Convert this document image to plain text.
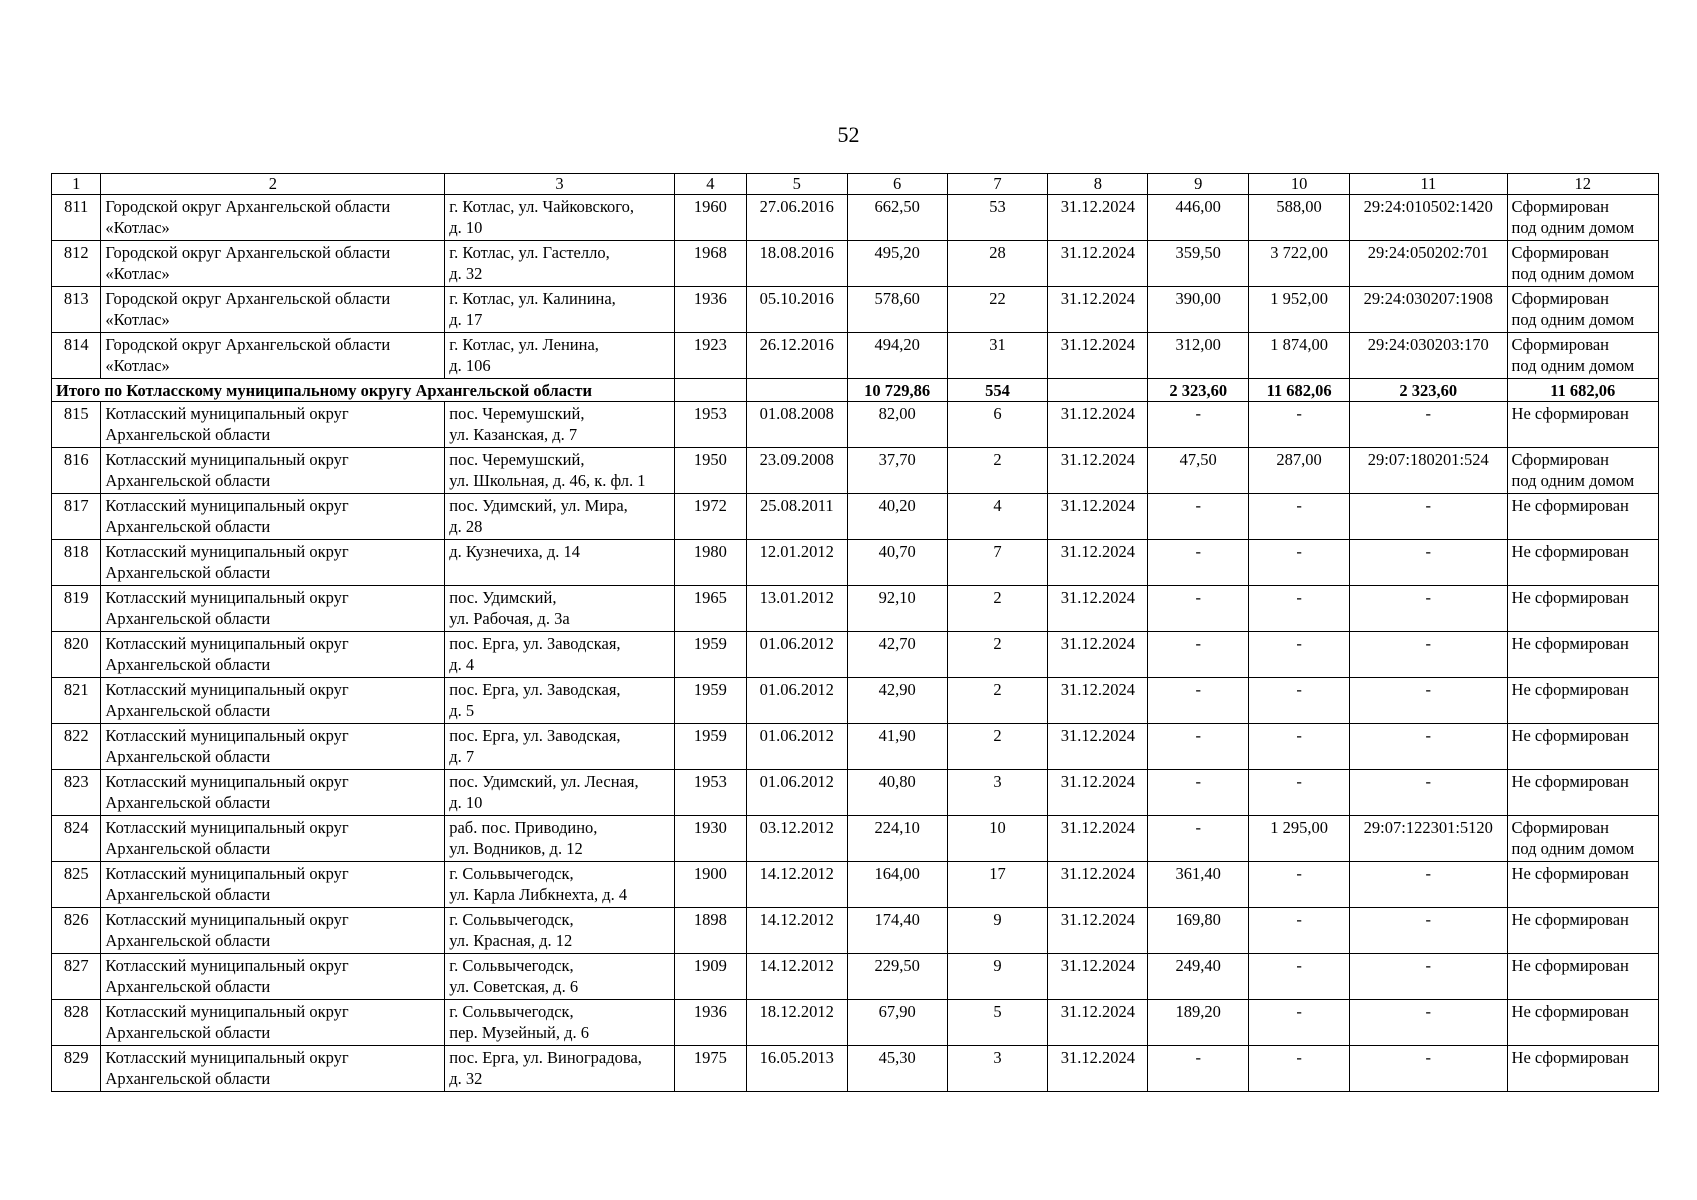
52
1	2	3	4	5	6	7	8	9	10	11	12
811	Городской округ Архангельской области
«Котлас»	г. Котлас, ул. Чайковского,
д. 10	1960	27.06.2016	662,50	53	31.12.2024	446,00	588,00	29:24:010502:1420	Сформирован
под одним домом

812	Городской округ Архангельской области
«Котлас»	г. Котлас, ул. Гастелло,
д. 32	1968	18.08.2016	495,20	28	31.12.2024	359,50	3 722,00	29:24:050202:701	Сформирован
под одним домом

813	Городской округ Архангельской области
«Котлас»	г. Котлас, ул. Калинина,
д. 17	1936	05.10.2016	578,60	22	31.12.2024	390,00	1 952,00	29:24:030207:1908	Сформирован
под одним домом

814	Городской округ Архангельской области
«Котлас»	г. Котлас, ул. Ленина,
д. 106	1923	26.12.2016	494,20	31	31.12.2024	312,00	1 874,00	29:24:030203:170	Сформирован
под одним домом

Итого по Котласскому муниципальному округу Архангельской области					10 729,86	554		2 323,60	11 682,06	2 323,60	11 682,06
815	Котласский муниципальный округ
Архангельской области	пос. Черемушский,
ул. Казанская, д. 7	1953	01.08.2008	82,00	6	31.12.2024	-	-	-	Не сформирован

816	Котласский муниципальный округ
Архангельской области	пос. Черемушский,
ул. Школьная, д. 46, к. фл. 1	1950	23.09.2008	37,70	2	31.12.2024	47,50	287,00	29:07:180201:524	Сформирован
под одним домом

817	Котласский муниципальный округ
Архангельской области	пос. Удимский, ул. Мира,
д. 28	1972	25.08.2011	40,20	4	31.12.2024	-	-	-	Не сформирован

818	Котласский муниципальный округ
Архангельской области	д. Кузнечиха, д. 14	1980	12.01.2012	40,70	7	31.12.2024	-	-	-	Не сформирован

819	Котласский муниципальный округ
Архангельской области	пос. Удимский,
ул. Рабочая, д. 3а	1965	13.01.2012	92,10	2	31.12.2024	-	-	-	Не сформирован

820	Котласский муниципальный округ
Архангельской области	пос. Ерга, ул. Заводская,
д. 4	1959	01.06.2012	42,70	2	31.12.2024	-	-	-	Не сформирован

821	Котласский муниципальный округ
Архангельской области	пос. Ерга, ул. Заводская,
д. 5	1959	01.06.2012	42,90	2	31.12.2024	-	-	-	Не сформирован

822	Котласский муниципальный округ
Архангельской области	пос. Ерга, ул. Заводская,
д. 7	1959	01.06.2012	41,90	2	31.12.2024	-	-	-	Не сформирован

823	Котласский муниципальный округ
Архангельской области	пос. Удимский, ул. Лесная,
д. 10	1953	01.06.2012	40,80	3	31.12.2024	-	-	-	Не сформирован

824	Котласский муниципальный округ
Архангельской области	раб. пос. Приводино,
ул. Водников, д. 12	1930	03.12.2012	224,10	10	31.12.2024	-	1 295,00	29:07:122301:5120	Сформирован
под одним домом

825	Котласский муниципальный округ
Архангельской области	г. Сольвычегодск,
ул. Карла Либкнехта, д. 4	1900	14.12.2012	164,00	17	31.12.2024	361,40	-	-	Не сформирован

826	Котласский муниципальный округ
Архангельской области	г. Сольвычегодск,
ул. Красная, д. 12	1898	14.12.2012	174,40	9	31.12.2024	169,80	-	-	Не сформирован

827	Котласский муниципальный округ
Архангельской области	г. Сольвычегодск,
ул. Советская, д. 6	1909	14.12.2012	229,50	9	31.12.2024	249,40	-	-	Не сформирован

828	Котласский муниципальный округ
Архангельской области	г. Сольвычегодск,
пер. Музейный, д. 6	1936	18.12.2012	67,90	5	31.12.2024	189,20	-	-	Не сформирован

829	Котласский муниципальный округ
Архангельской области	пос. Ерга, ул. Виноградова,
д. 32	1975	16.05.2013	45,30	3	31.12.2024	-	-	-	Не сформирован
